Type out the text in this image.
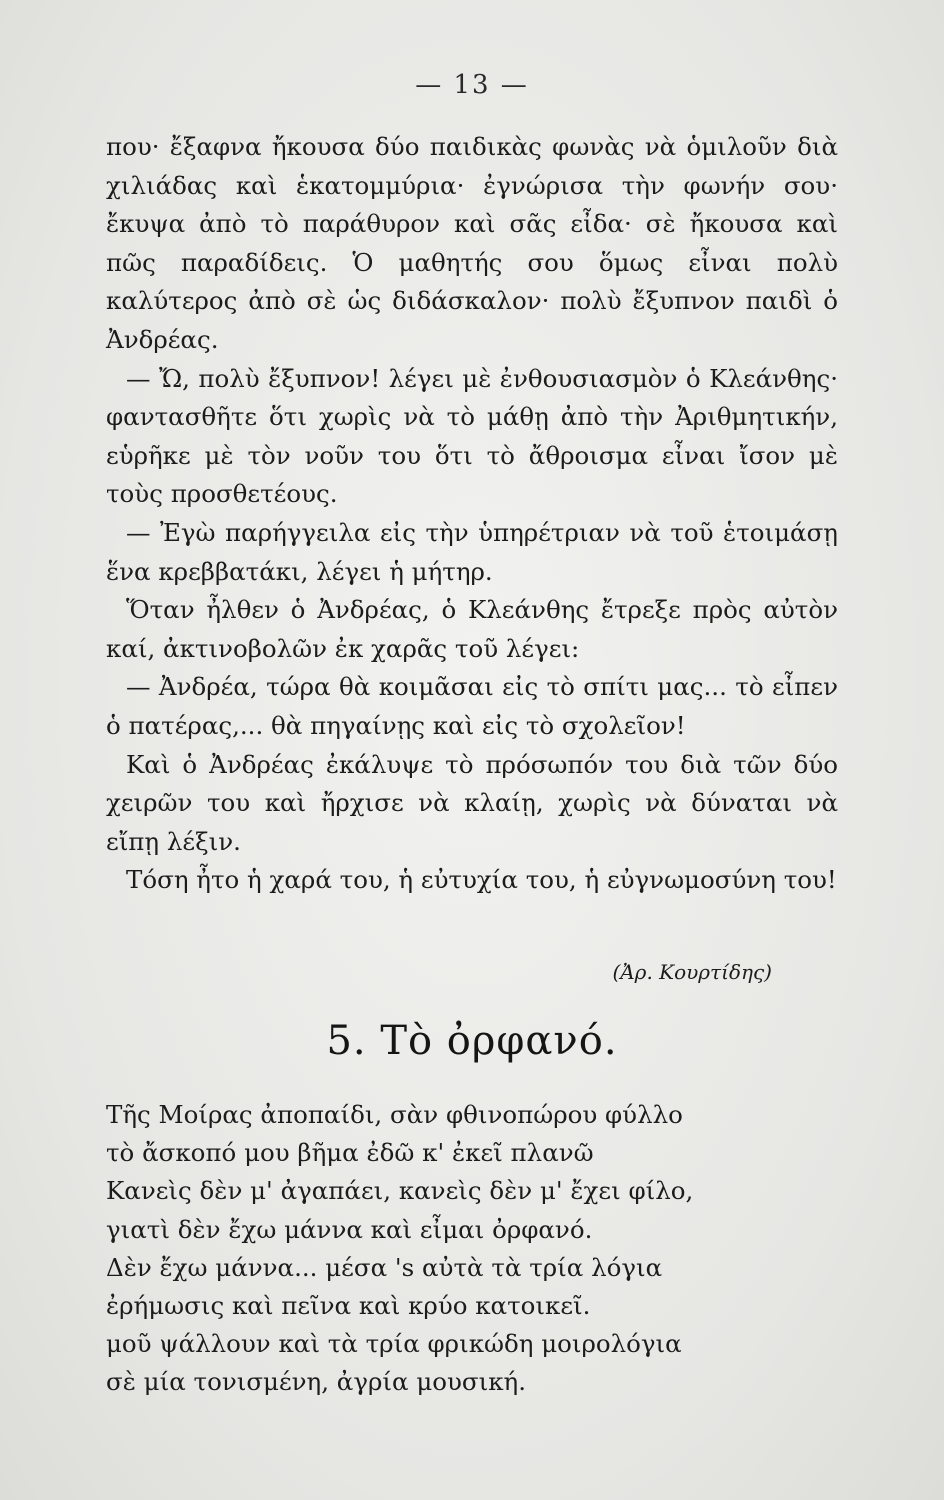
— 13 —

που· ἔξαφνα ἤκουσα δύο παιδικὰς φωνὰς νὰ ὁμιλοῦν διὰ χιλιάδας καὶ ἑκατομμύρια· ἐγνώρισα τὴν φωνήν σου· ἔκυψα ἀπὸ τὸ παράθυρον καὶ σᾶς εἶδα· σὲ ἤκουσα καὶ πῶς παραδίδεις. Ὁ μαθητής σου ὅμως εἶναι πολὺ καλύτερος ἀπὸ σὲ ὡς διδάσκαλον· πολὺ ἔξυπνον παιδὶ ὁ Ἀνδρέας.

— Ὤ, πολὺ ἔξυπνον! λέγει μὲ ἐνθουσιασμὸν ὁ Κλεάνθης· φαντασθῆτε ὅτι χωρὶς νὰ τὸ μάθῃ ἀπὸ τὴν Ἀριθμητικήν, εὑρῆκε μὲ τὸν νοῦν του ὅτι τὸ ἄθροισμα εἶναι ἴσον μὲ τοὺς προσθετέους.

— Ἐγὼ παρήγγειλα εἰς τὴν ὑπηρέτριαν νὰ τοῦ ἑτοιμάσῃ ἕνα κρεββατάκι, λέγει ἡ μήτηρ.

Ὅταν ἦλθεν ὁ Ἀνδρέας, ὁ Κλεάνθης ἔτρεξε πρὸς αὐτὸν καί, ἀκτινοβολῶν ἐκ χαρᾶς τοῦ λέγει:

— Ἀνδρέα, τώρα θὰ κοιμᾶσαι εἰς τὸ σπίτι μας... τὸ εἶπεν ὁ πατέρας,... θὰ πηγαίνῃς καὶ εἰς τὸ σχολεῖον!

Καὶ ὁ Ἀνδρέας ἐκάλυψε τὸ πρόσωπόν του διὰ τῶν δύο χειρῶν του καὶ ἤρχισε νὰ κλαίῃ, χωρὶς νὰ δύναται νὰ εἴπῃ λέξιν.

Τόση ἦτο ἡ χαρά του, ἡ εὐτυχία του, ἡ εὐγνωμοσύνη του!

(Ἀρ. Κουρτίδης)
5. Τὸ ὀρφανό.
Τῆς Μοίρας ἀποπαίδι, σὰν φθινοπώρου φύλλο
τὸ ἄσκοπό μου βῆμα ἐδῶ κ' ἐκεῖ πλανῶ
Κανεὶς δὲν μ' ἀγαπάει, κανεὶς δὲν μ' ἔχει φίλο,
γιατὶ δὲν ἔχω μάννα καὶ εἶμαι ὀρφανό.
Δὲν ἔχω μάννα... μέσα 's αὐτὰ τὰ τρία λόγια
ἐρήμωσις καὶ πεῖνα καὶ κρύο κατοικεῖ.
μοῦ ψάλλουν καὶ τὰ τρία φρικώδη μοιρολόγια
σὲ μία τονισμένη, ἀγρία μουσική.
